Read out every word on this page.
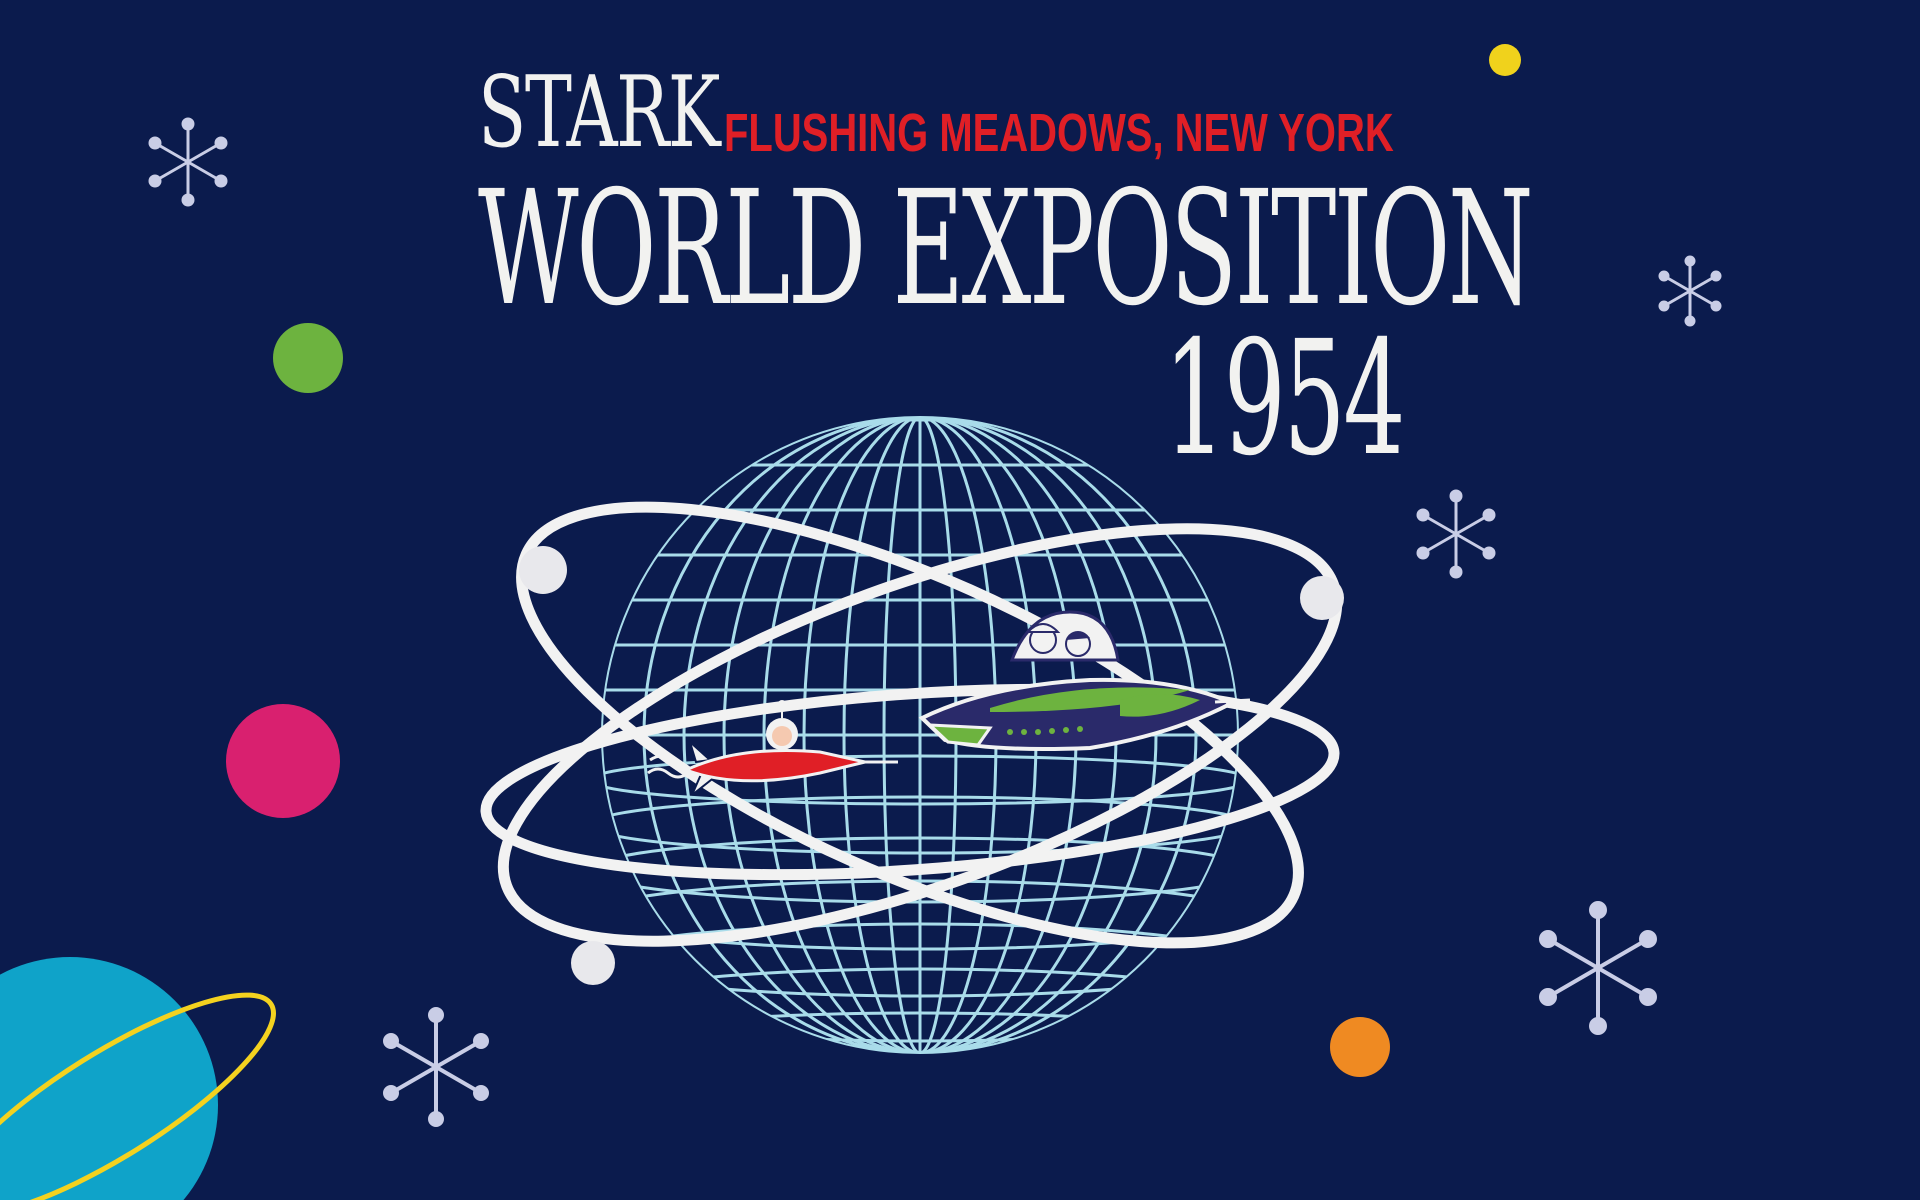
STARK FLUSHING MEADOWS, NEW YORK
WORLD EXPOSITION
1954
